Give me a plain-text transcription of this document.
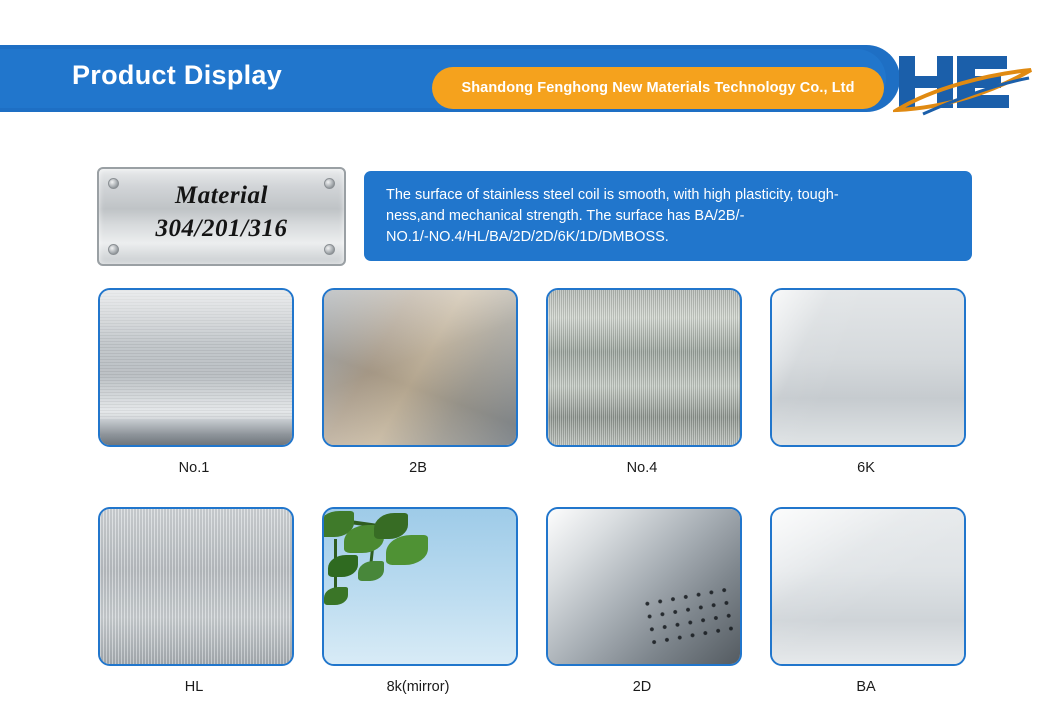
Product Display	Shandong Fenghong New Materials Technology Co., Ltd
Material
304/201/316

The surface of stainless steel coil is smooth, with high plasticity, tough-

ness,and mechanical strength. The surface has BA/2B/-

NO.1/-NO.4/HL/BA/2D/2D/6K/1D/DMBOSS.

No.1	2B	No.4	6K
HL	8k(mirror)	2D	BA
